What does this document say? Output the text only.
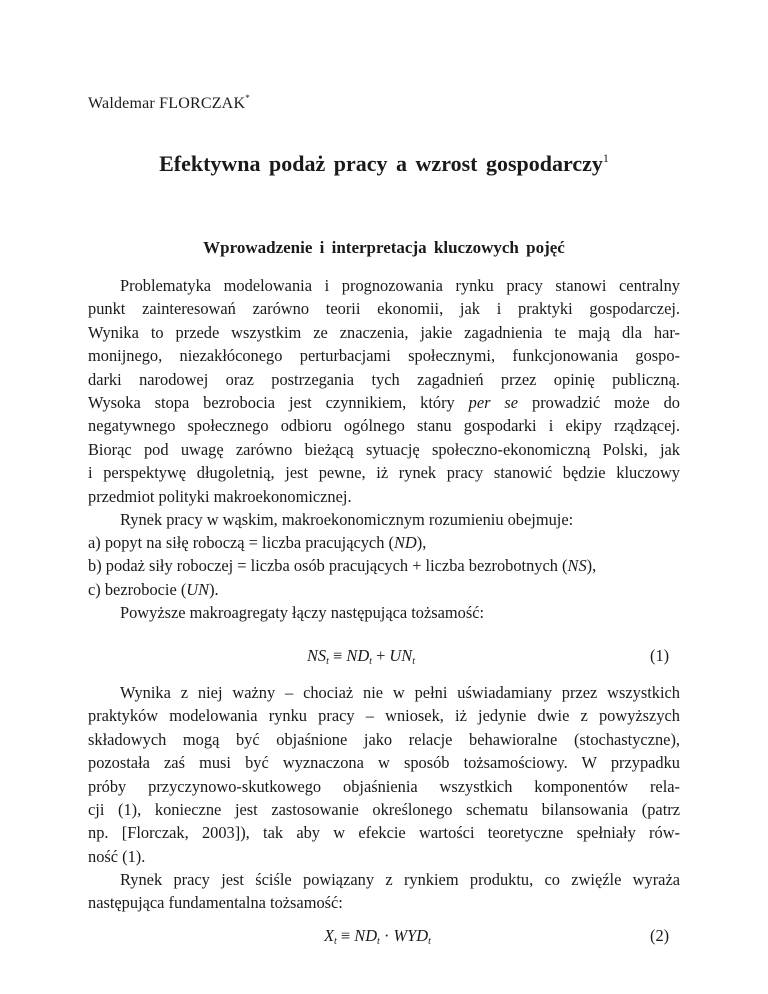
Waldemar FLORCZAK*
Efektywna podaż pracy a wzrost gospodarczy$^1$
Wprowadzenie i interpretacja kluczowych pojęć
Problematyka modelowania i prognozowania rynku pracy stanowi centralny
punkt zainteresowań zarówno teorii ekonomii, jak i praktyki gospodarczej.
Wynika to przede wszystkim ze znaczenia, jakie zagadnienia te mają dla har-
monijnego, niezakłóconego perturbacjami społecznymi, funkcjonowania gospo-
darki narodowej oraz postrzegania tych zagadnień przez opinię publiczną.
Wysoka stopa bezrobocia jest czynnikiem, który per se prowadzić może do
negatywnego społecznego odbioru ogólnego stanu gospodarki i ekipy rządzącej.
Biorąc pod uwagę zarówno bieżącą sytuację społeczno-ekonomiczną Polski, jak
i perspektywę długoletnią, jest pewne, iż rynek pracy stanowić będzie kluczowy
przedmiot polityki makroekonomicznej.
Rynek pracy w wąskim, makroekonomicznym rozumieniu obejmuje:
a) popyt na siłę roboczą = liczba pracujących (ND),
b) podaż siły roboczej = liczba osób pracujących + liczba bezrobotnych (NS),
c) bezrobocie (UN).
Powyższe makroagregaty łączy następująca tożsamość:
$NS_t \equiv ND_t + UN_t$	(1)
Wynika z niej ważny – chociaż nie w pełni uświadamiany przez wszystkich
praktyków modelowania rynku pracy – wniosek, iż jedynie dwie z powyższych
składowych mogą być objaśnione jako relacje behawioralne (stochastyczne),
pozostała zaś musi być wyznaczona w sposób tożsamościowy. W przypadku
próby przyczynowo-skutkowego objaśnienia wszystkich komponentów rela-
cji (1), konieczne jest zastosowanie określonego schematu bilansowania (patrz
np. [Florczak, 2003]), tak aby w efekcie wartości teoretyczne spełniały rów-
ność (1).
Rynek pracy jest ściśle powiązany z rynkiem produktu, co zwięźle wyraża
następująca fundamentalna tożsamość:
$X_t \equiv ND_t \cdot WYD_t$	(2)
